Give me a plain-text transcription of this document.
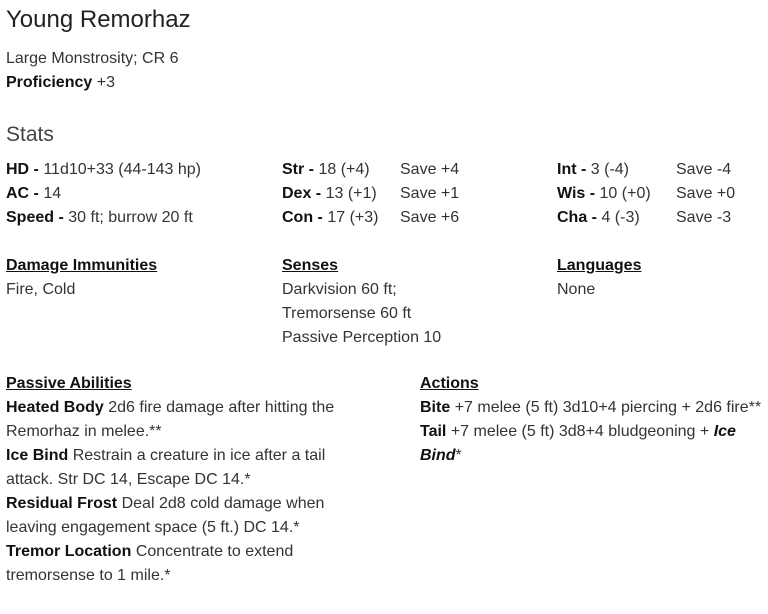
Young Remorhaz
Large Monstrosity; CR 6
Proficiency +3
Stats
HD - 11d10+33 (44-143 hp)
AC - 14
Speed - 30 ft; burrow 20 ft
Str - 18 (+4)
Dex - 13 (+1)
Con - 17 (+3)
Save +4
Save +1
Save +6
Int - 3 (-4)
Wis - 10 (+0)
Cha - 4 (-3)
Save -4
Save +0
Save -3
Damage Immunities
Fire, Cold
Senses
Darkvision 60 ft;
Tremorsense 60 ft
Passive Perception 10
Languages
None
Passive Abilities
Heated Body 2d6 fire damage after hitting the Remorhaz in melee.**
Ice Bind Restrain a creature in ice after a tail attack. Str DC 14, Escape DC 14.*
Residual Frost Deal 2d8 cold damage when leaving engagement space (5 ft.) DC 14.*
Tremor Location Concentrate to extend tremorsense to 1 mile.*
Actions
Bite +7 melee (5 ft) 3d10+4 piercing + 2d6 fire**
Tail +7 melee (5 ft) 3d8+4 bludgeoning + Ice Bind*
